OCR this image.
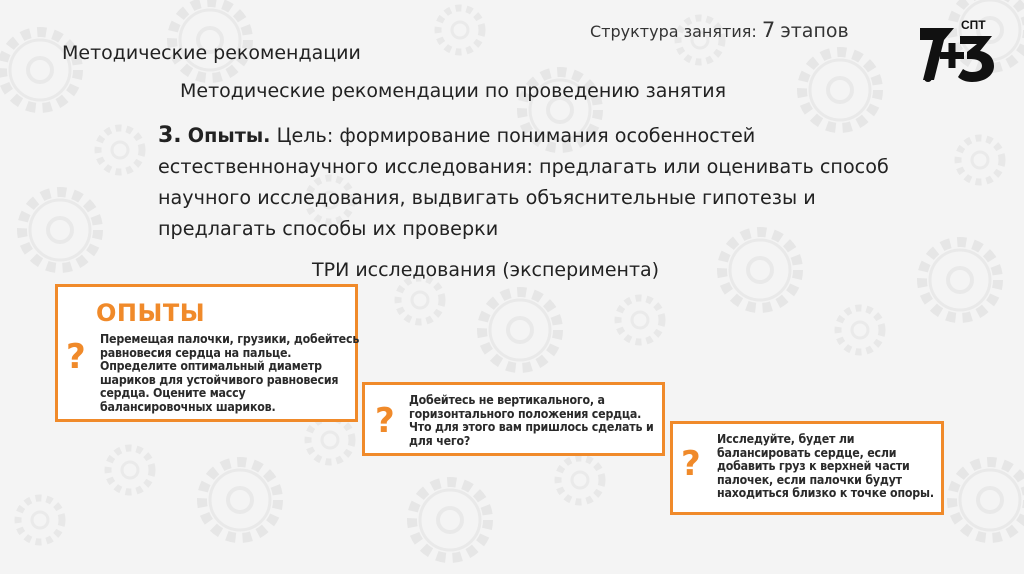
Структура занятия: 7 этапов	СПТ
Методические рекомендации
Методические рекомендации по проведению занятия
3. Опыты. Цель: формирование понимания особенностей естественнонаучного исследования: предлагать или оценивать способ научного исследования, выдвигать объяснительные гипотезы и предлагать способы их проверки
ТРИ исследования (эксперимента)
ОПЫТЫ
? Перемещая палочки, грузики, добейтесь равновесия сердца на пальце. Определите оптимальный диаметр шариков для устойчивого равновесия сердца. Оцените массу балансировочных шариков.	?
Добейтесь не вертикального, а горизонтального положения сердца. Что для этого вам пришлось сделать и для чего?
?
Исследуйте, будет ли балансировать сердце, если добавить груз к верхней части палочек, если палочки будут находиться близко к точке опоры.
